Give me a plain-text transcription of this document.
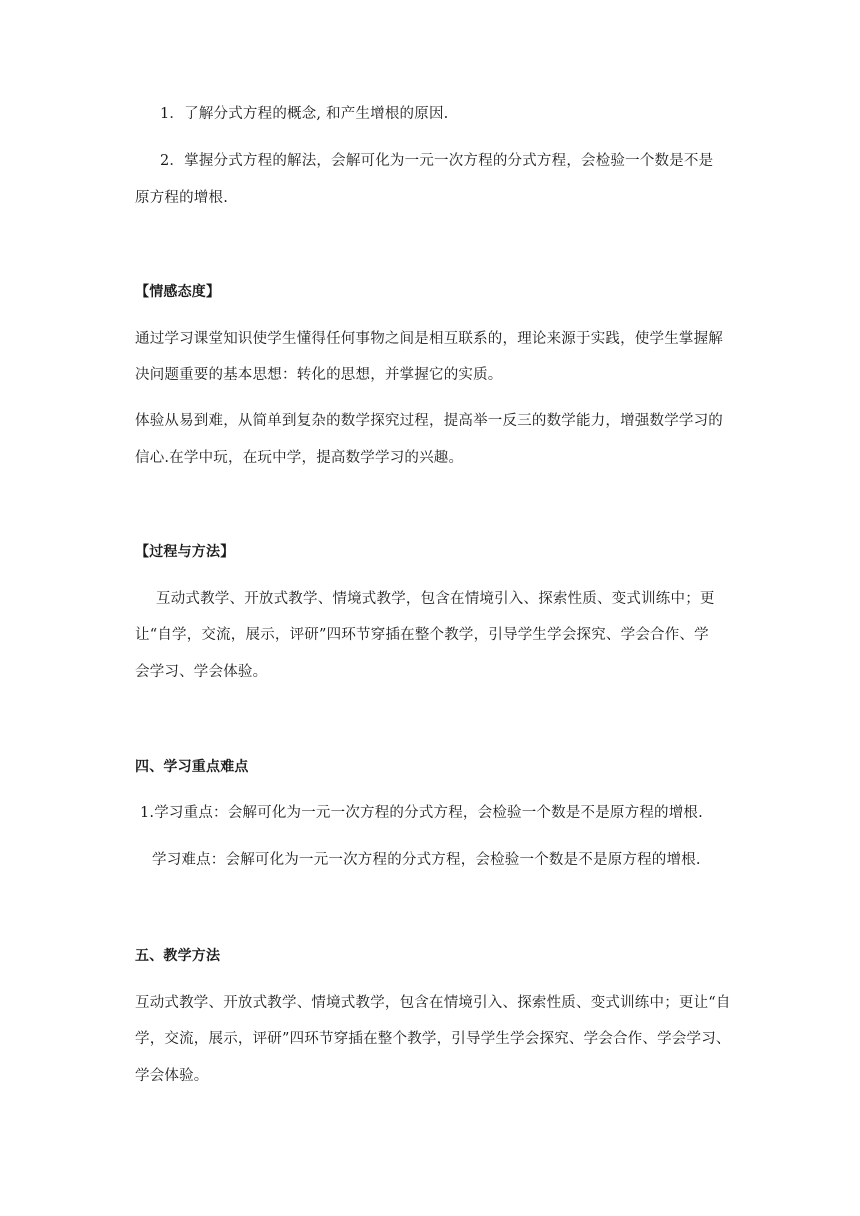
1．了解分式方程的概念, 和产生增根的原因.
2．掌握分式方程的解法，会解可化为一元一次方程的分式方程，会检验一个数是不是
原方程的增根.
【情感态度】
通过学习课堂知识使学生懂得任何事物之间是相互联系的，理论来源于实践，使学生掌握解
决问题重要的基本思想：转化的思想，并掌握它的实质。
体验从易到难，从简单到复杂的数学探究过程，提高举一反三的数学能力，增强数学学习的
信心.在学中玩，在玩中学，提高数学学习的兴趣。
【过程与方法】
互动式教学、开放式教学、情境式教学，包含在情境引入、探索性质、变式训练中；更
让“自学，交流，展示，评研”四环节穿插在整个教学，引导学生学会探究、学会合作、学
会学习、学会体验。
四、学习重点难点
1.学习重点：会解可化为一元一次方程的分式方程，会检验一个数是不是原方程的增根.
学习难点：会解可化为一元一次方程的分式方程，会检验一个数是不是原方程的增根.
五、教学方法
互动式教学、开放式教学、情境式教学，包含在情境引入、探索性质、变式训练中；更让“自
学，交流，展示，评研”四环节穿插在整个教学，引导学生学会探究、学会合作、学会学习、
学会体验。
